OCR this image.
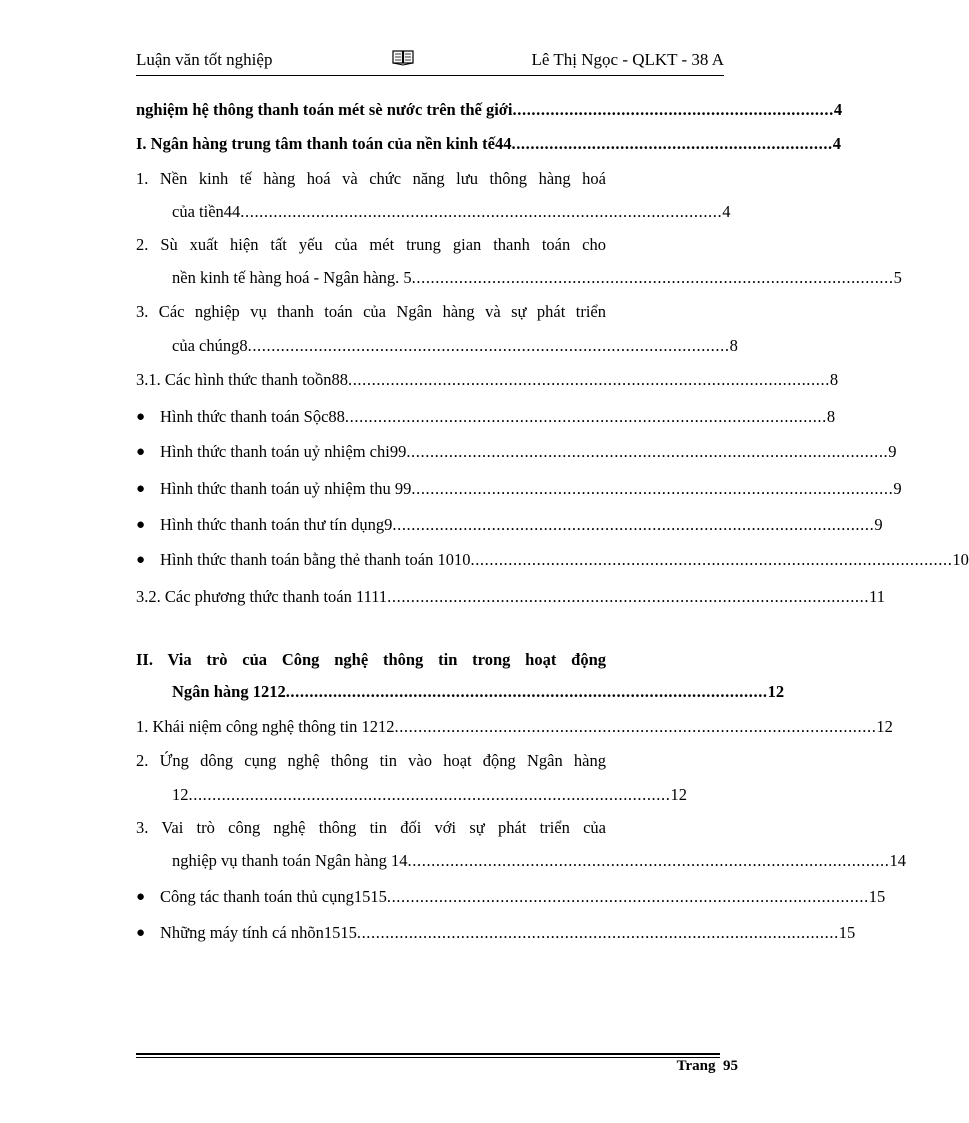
Luận văn tốt nghiệp	Lê Thị Ngọc - QLKT - 38 A
nghiệm hệ thông thanh toán mét sè nước trên thế giới .................................................................... 4
I. Ngân hàng trung tâm thanh toán của nền kinh tế44 .................................................................... 4
1. Nền kinh tế hàng hoá và chức năng lưu thông hàng hoá
của tiền44 ...................................................................................................... 4
2. Sù xuất hiện tất yếu của mét trung gian thanh toán cho
nền kinh tế hàng hoá - Ngân hàng. 5 ...................................................................................................... 5
3. Các nghiệp vụ thanh toán của Ngân hàng và sự phát triển
của chúng8 ...................................................................................................... 8
3.1. Các hình thức thanh toồn88 ...................................................................................................... 8
● Hình thức thanh toán Sộc88 ...................................................................................................... 8
● Hình thức thanh toán uỷ nhiệm chi99 ...................................................................................................... 9
● Hình thức thanh toán uỷ nhiệm thu 99 ...................................................................................................... 9
● Hình thức thanh toán thư tín dụng9 ...................................................................................................... 9
● Hình thức thanh toán bằng thẻ thanh toán 1010 ...................................................................................................... 10
3.2. Các phương thức thanh toán 1111 ...................................................................................................... 11
II. Via trò của Công nghệ thông tin trong hoạt động
Ngân hàng 1212 ...................................................................................................... 12
1. Khái niệm công nghệ thông tin 1212 ...................................................................................................... 12
2. Ứng dông cụng nghệ thông tin vào hoạt động Ngân hàng
12 ...................................................................................................... 12
3. Vai trò công nghệ thông tin đối với sự phát triển của
nghiệp vụ thanh toán Ngân hàng 14 ...................................................................................................... 14
● Công tác thanh toán thủ cụng1515 ...................................................................................................... 15
● Những máy tính cá nhõn1515 ...................................................................................................... 15
Trang 95
